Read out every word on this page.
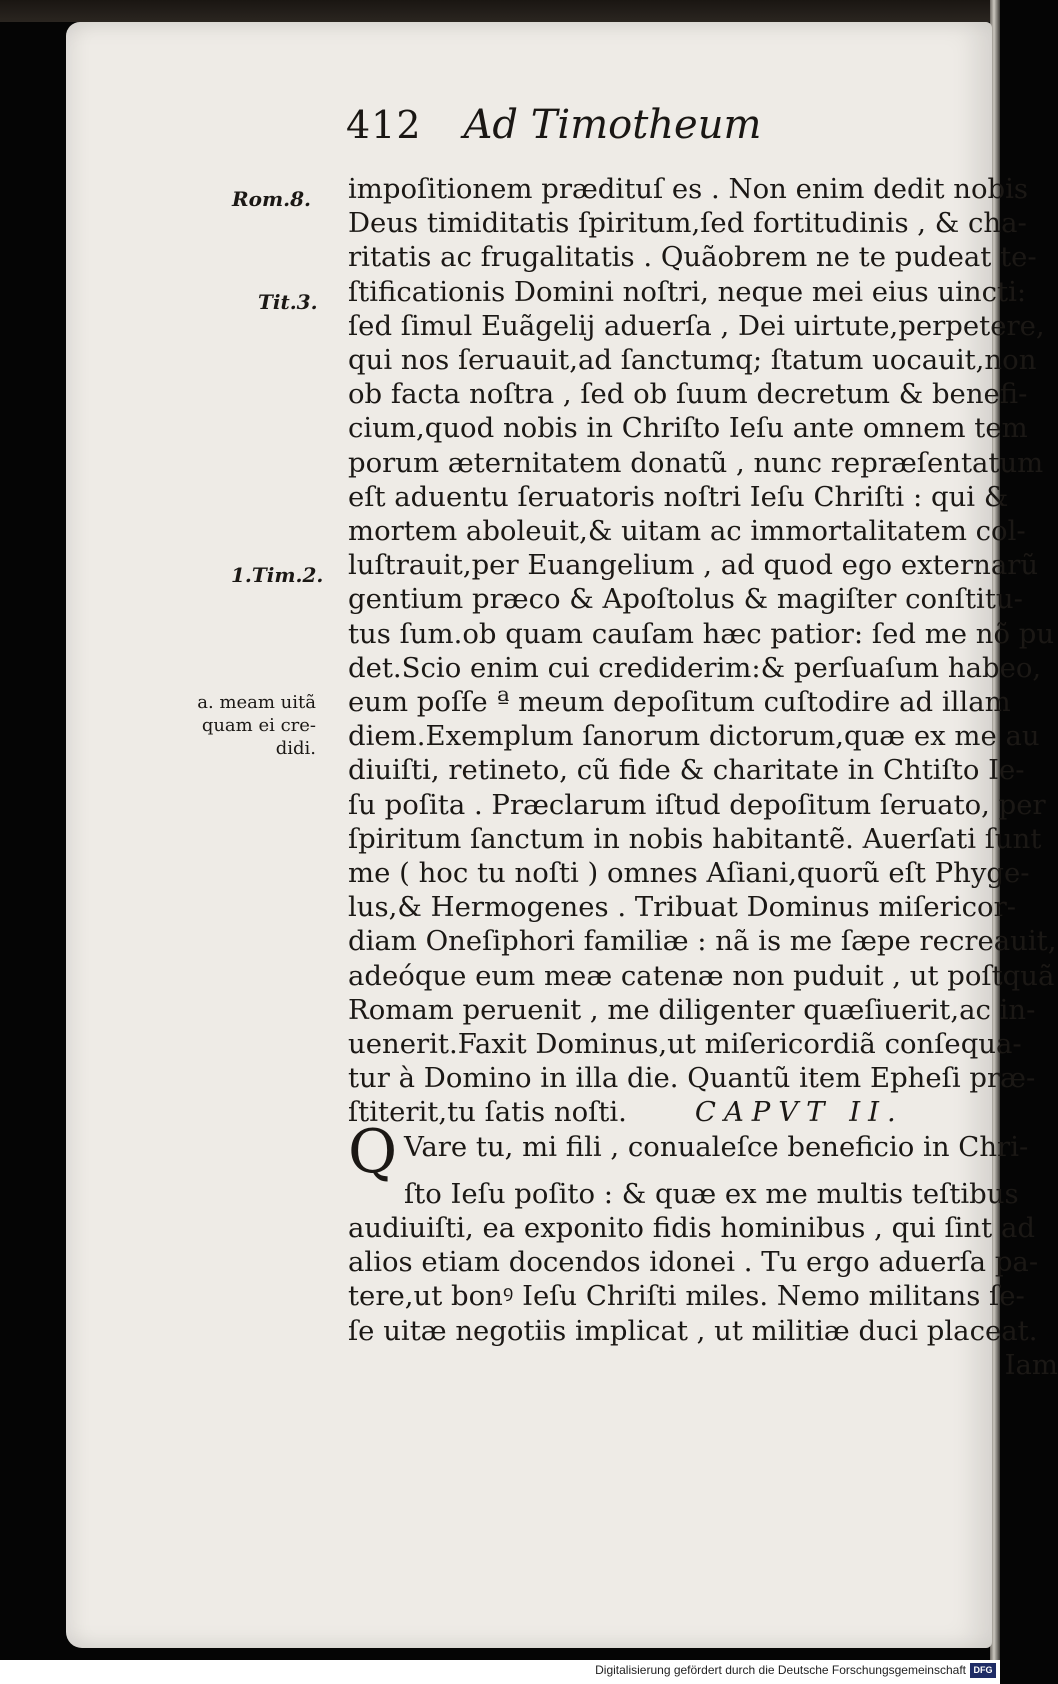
412 Ad Timotheum
Rom.8.
Tit.3.
1.Tim.2.
a. meam uitã
quam ei cre-
didi.
impoſitionem prædituſ es . Non enim dedit nobis
Deus timiditatis ſpiritum,ſed fortitudinis , & cha-
ritatis ac frugalitatis . Quãobrem ne te pudeat te-
ſtificationis Domini noſtri, neque mei eius uincti:
ſed ſimul Euãgelij aduerſa , Dei uirtute,perpetere,
qui nos ſeruauit,ad ſanctumq; ſtatum uocauit,non
ob facta noſtra , ſed ob ſuum decretum & benefi-
cium,quod nobis in Chriſto Ieſu ante omnem tem
porum æternitatem donatũ , nunc repræſentatum
eſt aduentu ſeruatoris noſtri Ieſu Chriſti : qui &
mortem aboleuit,& uitam ac immortalitatem col-
luſtrauit,per Euangelium , ad quod ego externarũ
gentium præco & Apoſtolus & magiſter conſtitu-
tus ſum.ob quam cauſam hæc patior: ſed me nõ pu
det.Scio enim cui crediderim:& perſuaſum habeo,
eum poſſe ª meum depoſitum cuſtodire ad illam
diem.Exemplum ſanorum dictorum,quæ ex me au
diuiſti, retineto, cũ fide & charitate in Chtiſto Ie-
ſu poſita . Præclarum iſtud depoſitum ſeruato, per
ſpiritum ſanctum in nobis habitantẽ. Auerſati ſunt
me ( hoc tu noſti ) omnes Aſiani,quorũ eſt Phyge-
lus,& Hermogenes . Tribuat Dominus miſericor-
diam Oneſiphori familiæ : nã is me ſæpe recreauit,
adeóque eum meæ catenæ non puduit , ut poſtquã
Romam peruenit , me diligenter quæſiuerit,ac in-
uenerit.Faxit Dominus,ut miſericordiã conſequa-
tur à Domino in illa die. Quantũ item Epheſi præ-
ſtiterit,tu ſatis noſti. CAPVT II.
Q Vare tu, mi fili , conualeſce beneficio in Chri-
ſto Ieſu poſito : & quæ ex me multis teſtibus
audiuiſti, ea exponito fidis hominibus , qui ſint ad
alios etiam docendos idonei . Tu ergo aduerſa pa-
tere,ut bonꝰ Ieſu Chriſti miles. Nemo militans ſe-
ſe uitæ negotiis implicat , ut militiæ duci placeat.
Iam
Digitalisierung gefördert durch die Deutsche Forschungsgemeinschaft DFG
